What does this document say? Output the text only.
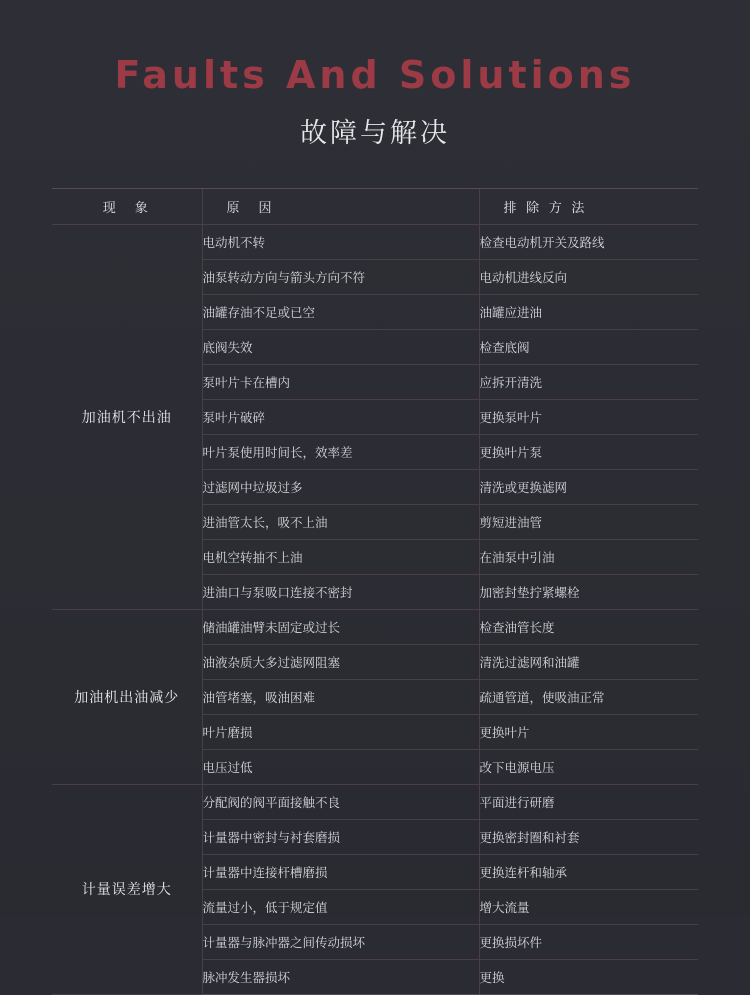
Faults And Solutions
故障与解决
现　象	原　因	排 除 方 法
加油机不出油	电动机不转	检查电动机开关及路线
	油泵转动方向与箭头方向不符	电动机进线反向
	油罐存油不足或已空	油罐应进油
	底阀失效	检查底阀
	泵叶片卡在槽内	应拆开清洗
	泵叶片破碎	更换泵叶片
	叶片泵使用时间长，效率差	更换叶片泵
	过滤网中垃圾过多	清洗或更换滤网
	进油管太长，吸不上油	剪短进油管
	电机空转抽不上油	在油泵中引油
	进油口与泵吸口连接不密封	加密封垫拧紧螺栓
加油机出油减少	储油罐油臂未固定或过长	检查油管长度
	油液杂质大多过滤网阻塞	清洗过滤网和油罐
	油管堵塞，吸油困难	疏通管道，使吸油正常
	叶片磨损	更换叶片
	电压过低	改下电源电压
计量误差增大	分配阀的阀平面接触不良	平面进行研磨
	计量器中密封与衬套磨损	更换密封圈和衬套
	计量器中连接杆槽磨损	更换连杆和轴承
	流量过小，低于规定值	增大流量
	计量器与脉冲器之间传动损坏	更换损坏件
	脉冲发生器损坏	更换
